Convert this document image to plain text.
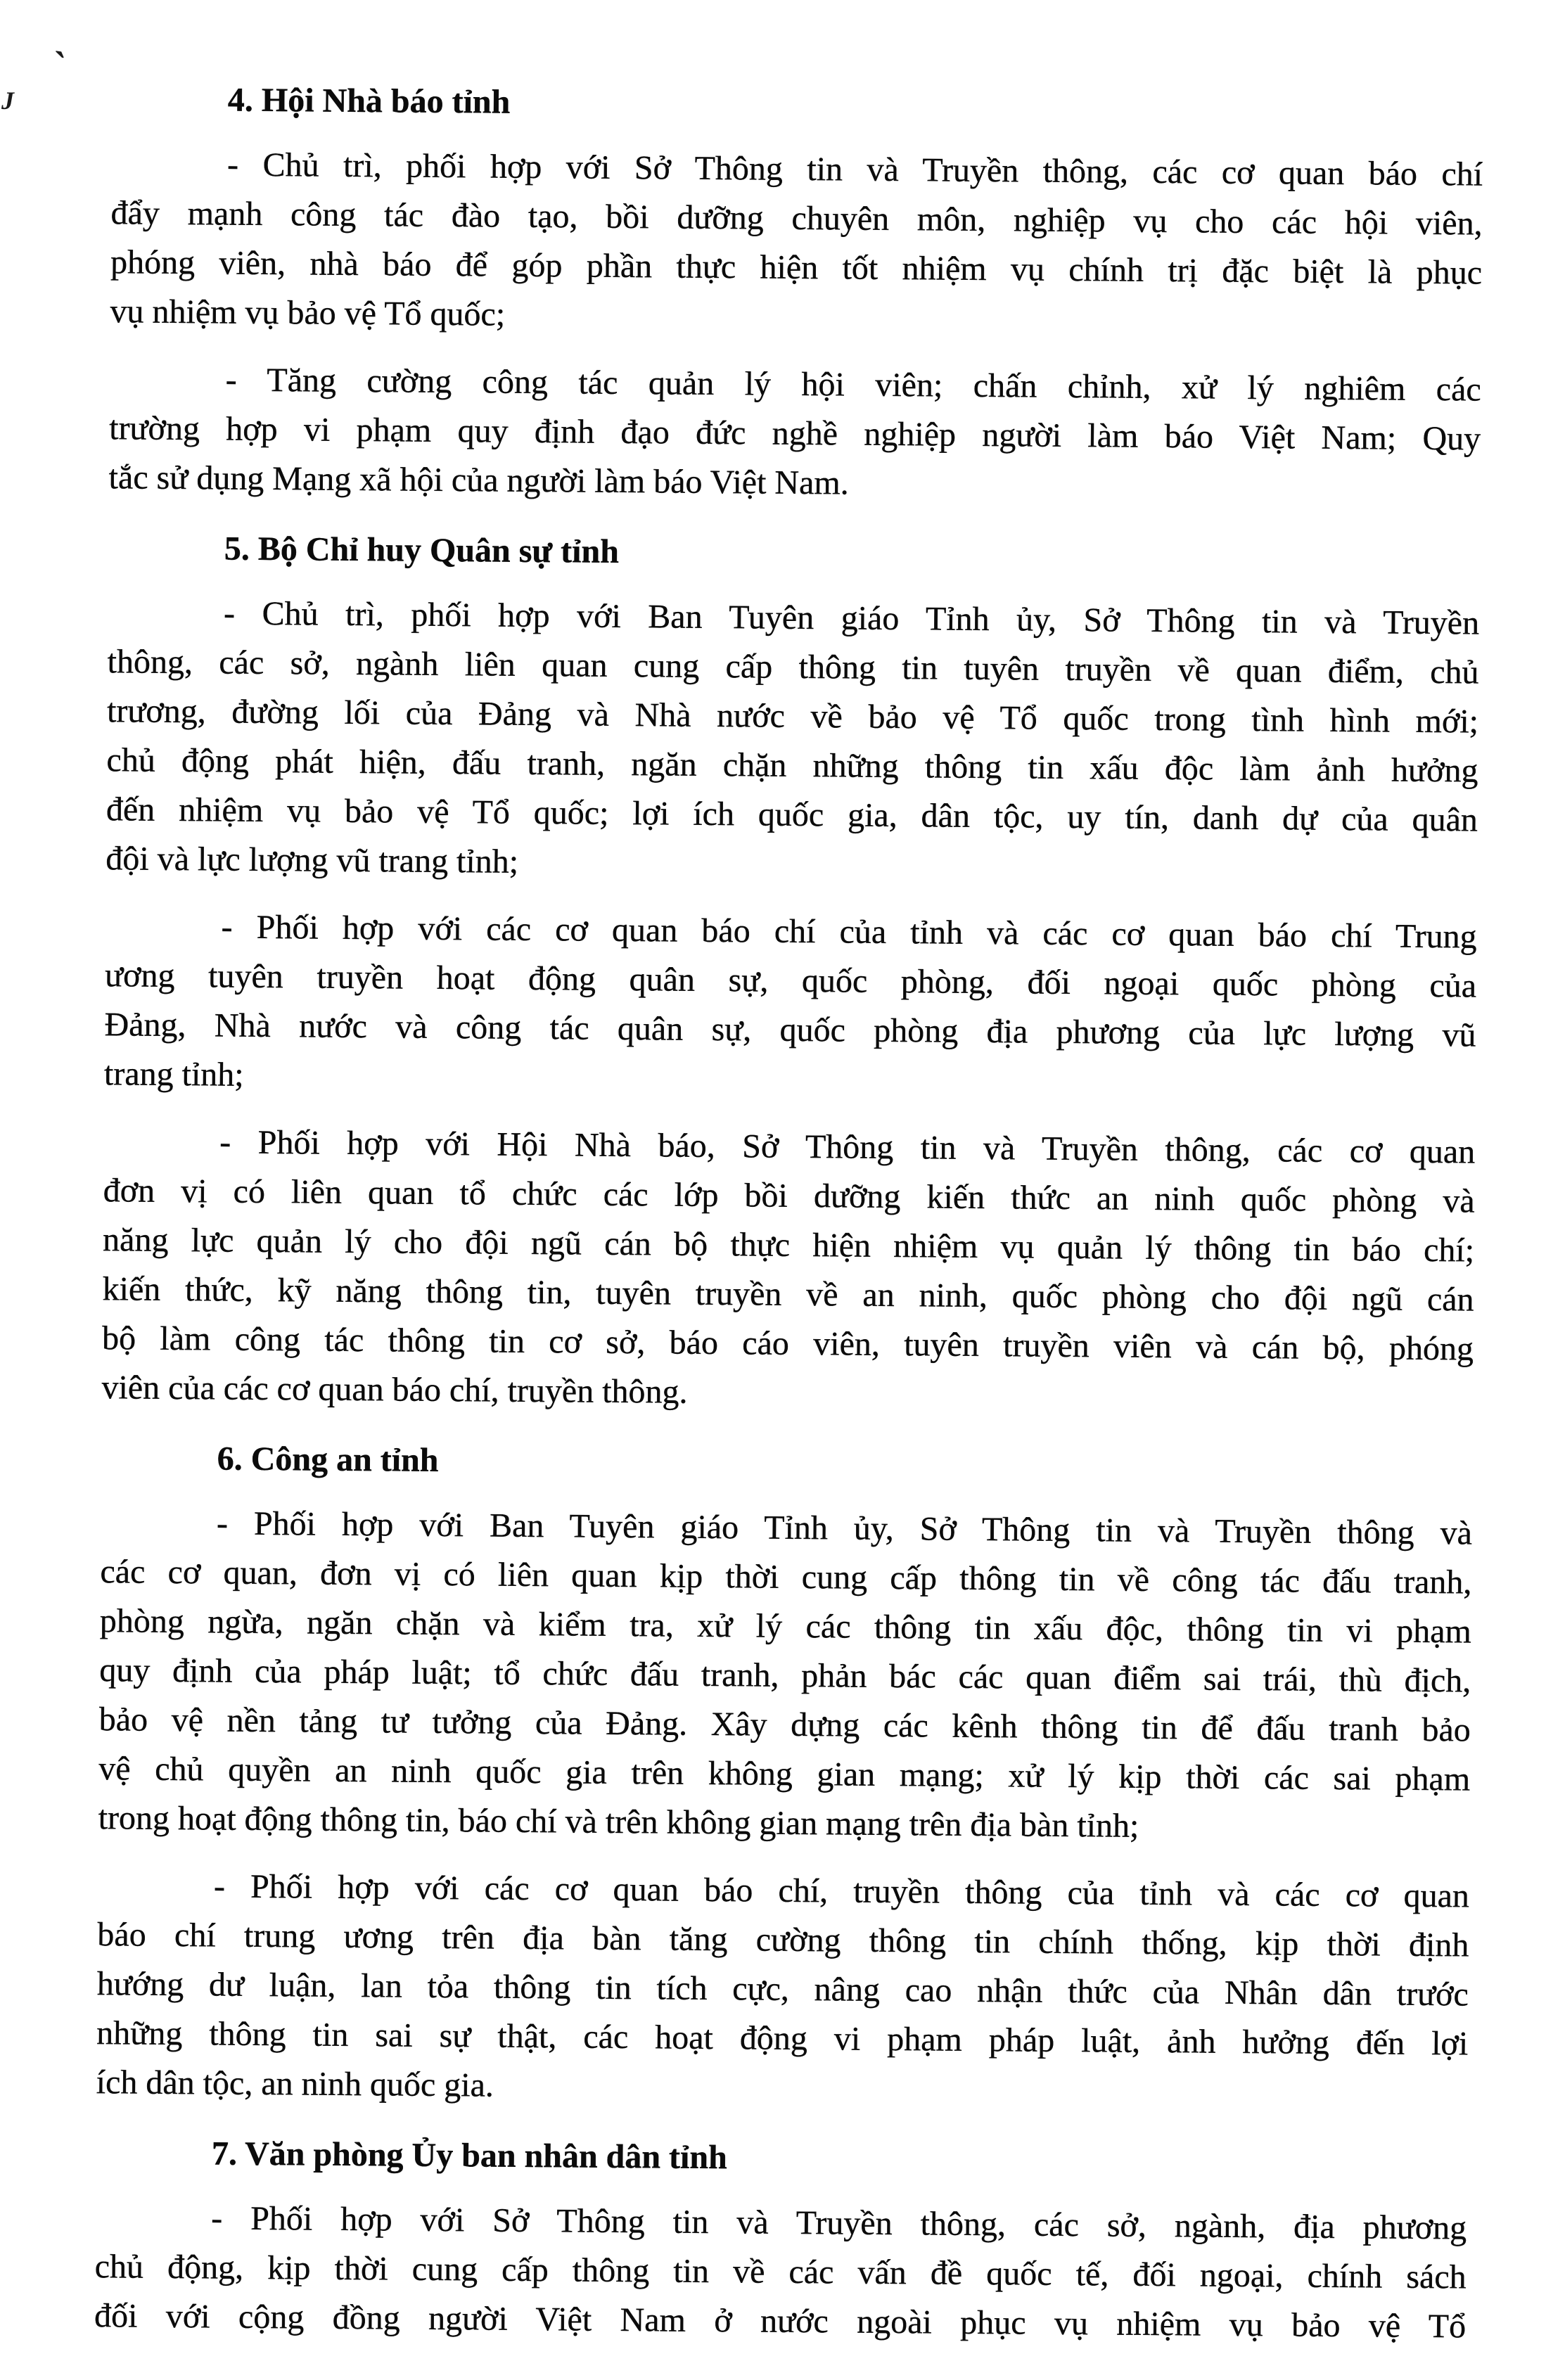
`
J	4. Hội Nhà báo tỉnh
- Chủ trì, phối hợp với Sở Thông tin và Truyền thông, các cơ quan báo chí
đẩy mạnh công tác đào tạo, bồi dưỡng chuyên môn, nghiệp vụ cho các hội viên,
phóng viên, nhà báo để góp phần thực hiện tốt nhiệm vụ chính trị đặc biệt là phục
vụ nhiệm vụ bảo vệ Tổ quốc;
- Tăng cường công tác quản lý hội viên; chấn chỉnh, xử lý nghiêm các
trường hợp vi phạm quy định đạo đức nghề nghiệp người làm báo Việt Nam; Quy
tắc sử dụng Mạng xã hội của người làm báo Việt Nam.
5. Bộ Chỉ huy Quân sự tỉnh
- Chủ trì, phối hợp với Ban Tuyên giáo Tỉnh ủy, Sở Thông tin và Truyền
thông, các sở, ngành liên quan cung cấp thông tin tuyên truyền về quan điểm, chủ
trương, đường lối của Đảng và Nhà nước về bảo vệ Tổ quốc trong tình hình mới;
chủ động phát hiện, đấu tranh, ngăn chặn những thông tin xấu độc làm ảnh hưởng
đến nhiệm vụ bảo vệ Tổ quốc; lợi ích quốc gia, dân tộc, uy tín, danh dự của quân
đội và lực lượng vũ trang tỉnh;
- Phối hợp với các cơ quan báo chí của tỉnh và các cơ quan báo chí Trung
ương tuyên truyền hoạt động quân sự, quốc phòng, đối ngoại quốc phòng của
Đảng, Nhà nước và công tác quân sự, quốc phòng địa phương của lực lượng vũ
trang tỉnh;
- Phối hợp với Hội Nhà báo, Sở Thông tin và Truyền thông, các cơ quan
đơn vị có liên quan tổ chức các lớp bồi dưỡng kiến thức an ninh quốc phòng và
năng lực quản lý cho đội ngũ cán bộ thực hiện nhiệm vụ quản lý thông tin báo chí;
kiến thức, kỹ năng thông tin, tuyên truyền về an ninh, quốc phòng cho đội ngũ cán
bộ làm công tác thông tin cơ sở, báo cáo viên, tuyên truyền viên và cán bộ, phóng
viên của các cơ quan báo chí, truyền thông.
6. Công an tỉnh
- Phối hợp với Ban Tuyên giáo Tỉnh ủy, Sở Thông tin và Truyền thông và
các cơ quan, đơn vị có liên quan kịp thời cung cấp thông tin về công tác đấu tranh,
phòng ngừa, ngăn chặn và kiểm tra, xử lý các thông tin xấu độc, thông tin vi phạm
quy định của pháp luật; tổ chức đấu tranh, phản bác các quan điểm sai trái, thù địch,
bảo vệ nền tảng tư tưởng của Đảng. Xây dựng các kênh thông tin để đấu tranh bảo
vệ chủ quyền an ninh quốc gia trên không gian mạng; xử lý kịp thời các sai phạm
trong hoạt động thông tin, báo chí và trên không gian mạng trên địa bàn tỉnh;
- Phối hợp với các cơ quan báo chí, truyền thông của tỉnh và các cơ quan
báo chí trung ương trên địa bàn tăng cường thông tin chính thống, kịp thời định
hướng dư luận, lan tỏa thông tin tích cực, nâng cao nhận thức của Nhân dân trước
những thông tin sai sự thật, các hoạt động vi phạm pháp luật, ảnh hưởng đến lợi
ích dân tộc, an ninh quốc gia.
7. Văn phòng Ủy ban nhân dân tỉnh
- Phối hợp với Sở Thông tin và Truyền thông, các sở, ngành, địa phương
chủ động, kịp thời cung cấp thông tin về các vấn đề quốc tế, đối ngoại, chính sách
đối với cộng đồng người Việt Nam ở nước ngoài phục vụ nhiệm vụ bảo vệ Tổ
